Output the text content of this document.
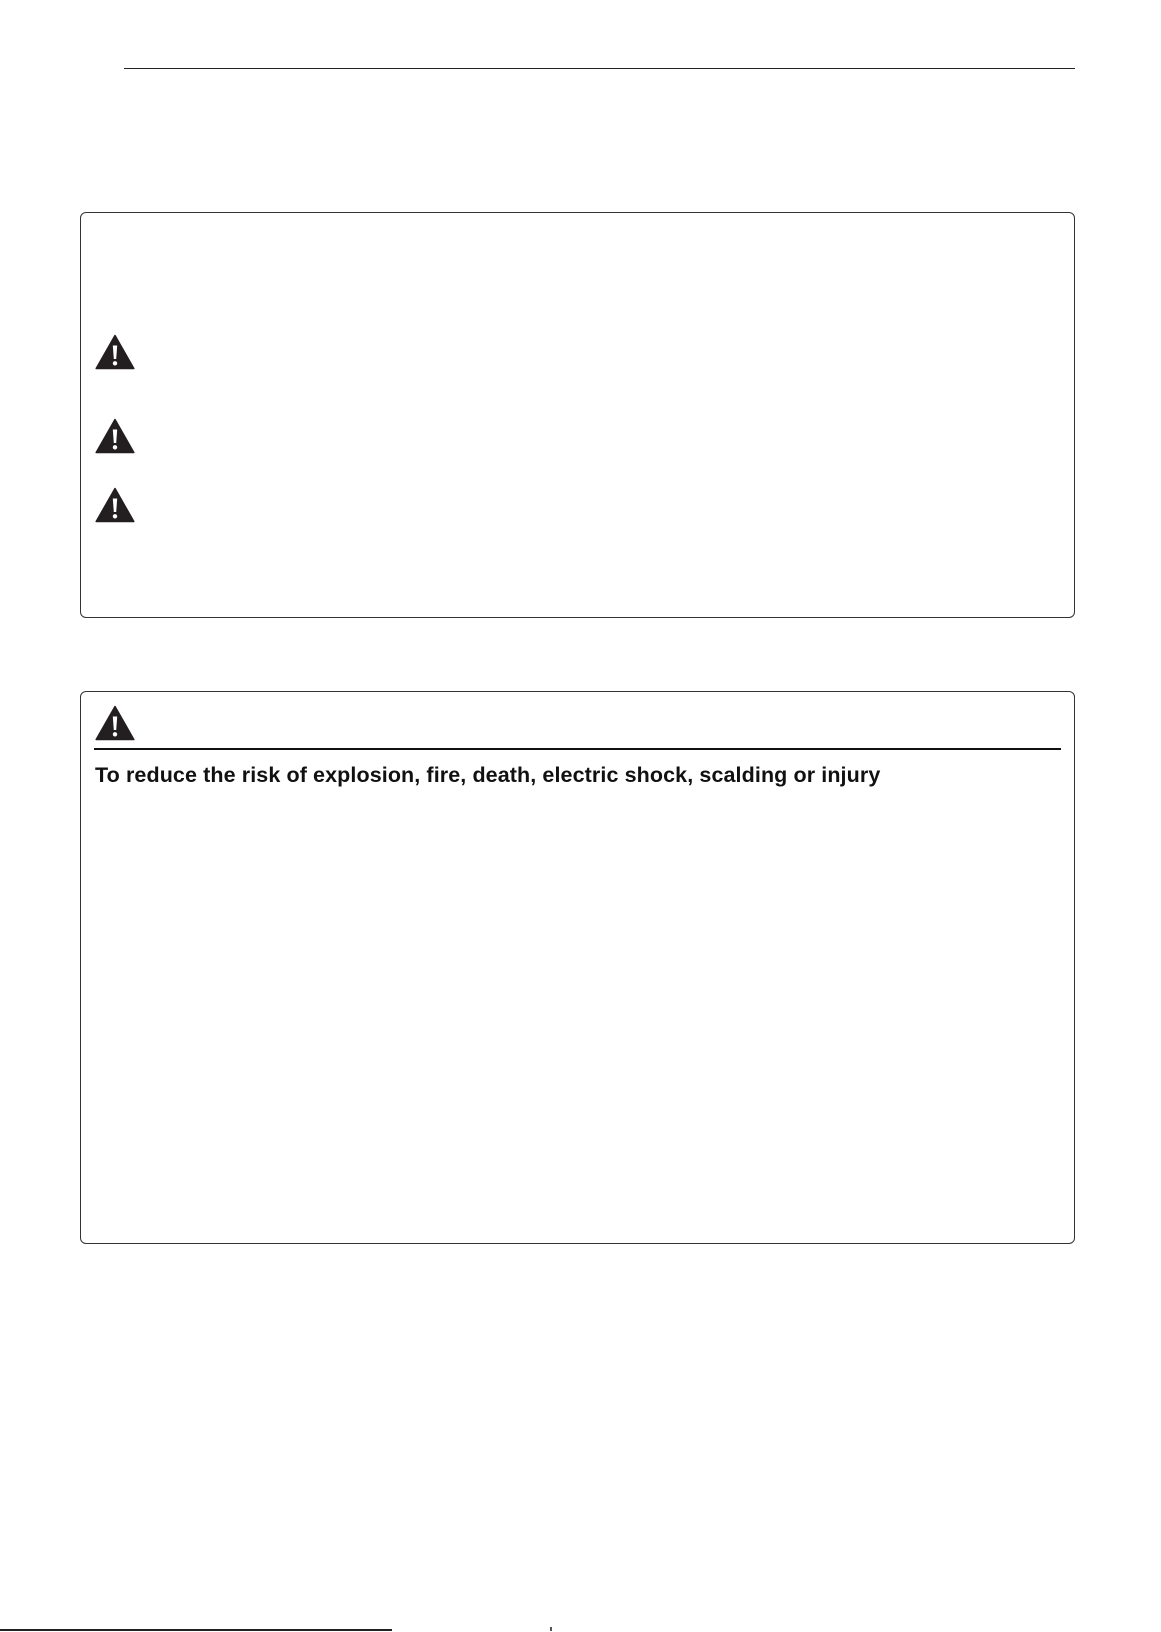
To reduce the risk of explosion, fire, death, electric shock, scalding or injury
